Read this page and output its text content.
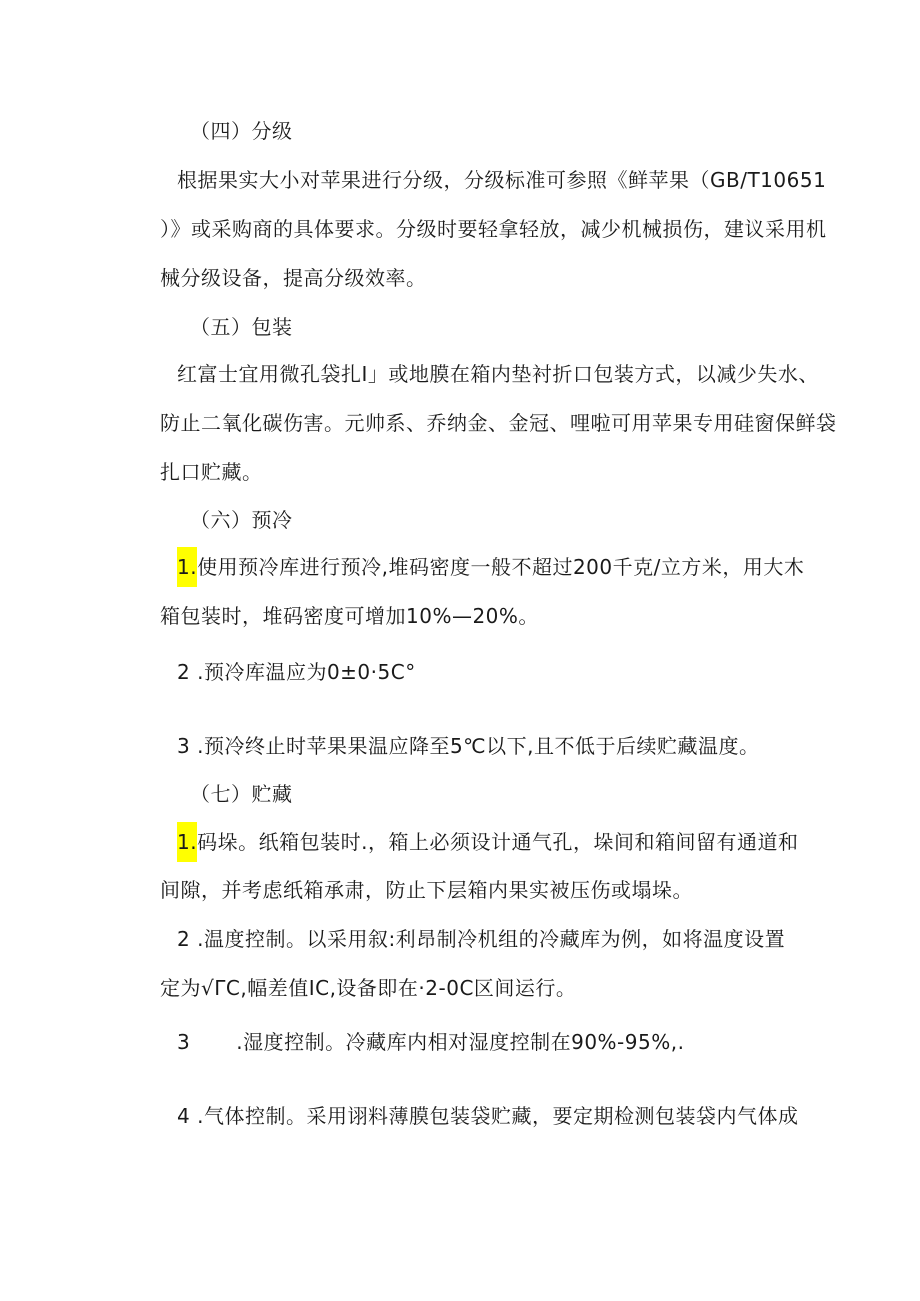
（四）分级
根据果实大小对苹果进行分级，分级标准可参照《鲜苹果（GB/T10651
）》或采购商的具体要求。分级时要轻拿轻放，减少机械损伤，建议采用机
械分级设备，提高分级效率。
（五）包装
红富士宜用微孔袋扎I」或地膜在箱内垫衬折口包装方式，以减少失水、
防止二氧化碳伤害。元帅系、乔纳金、金冠、哩啦可用苹果专用硅窗保鲜袋
扎口贮藏。
（六）预冷
1.使用预冷库进行预冷,堆码密度一般不超过200千克/立方米，用大木
箱包装时，堆码密度可增加10%—20%。
2 .预冷库温应为0±0·5C°
3 .预冷终止时苹果果温应降至5℃以下,且不低于后续贮藏温度。
（七）贮藏
1.码垛。纸箱包装时.，箱上必须设计通气孔，垛间和箱间留有通道和
间隙，并考虑纸箱承肃，防止下层箱内果实被压伤或塌垛。
2 .温度控制。以采用叙:利昂制冷机组的冷藏库为例，如将温度设置
定为√ΓC,幅差值IC,设备即在·2-0C区间运行。
3 .湿度控制。冷藏库内相对湿度控制在90%-95%,.
4 .气体控制。采用诩料薄膜包装袋贮藏，要定期检测包装袋内气体成
